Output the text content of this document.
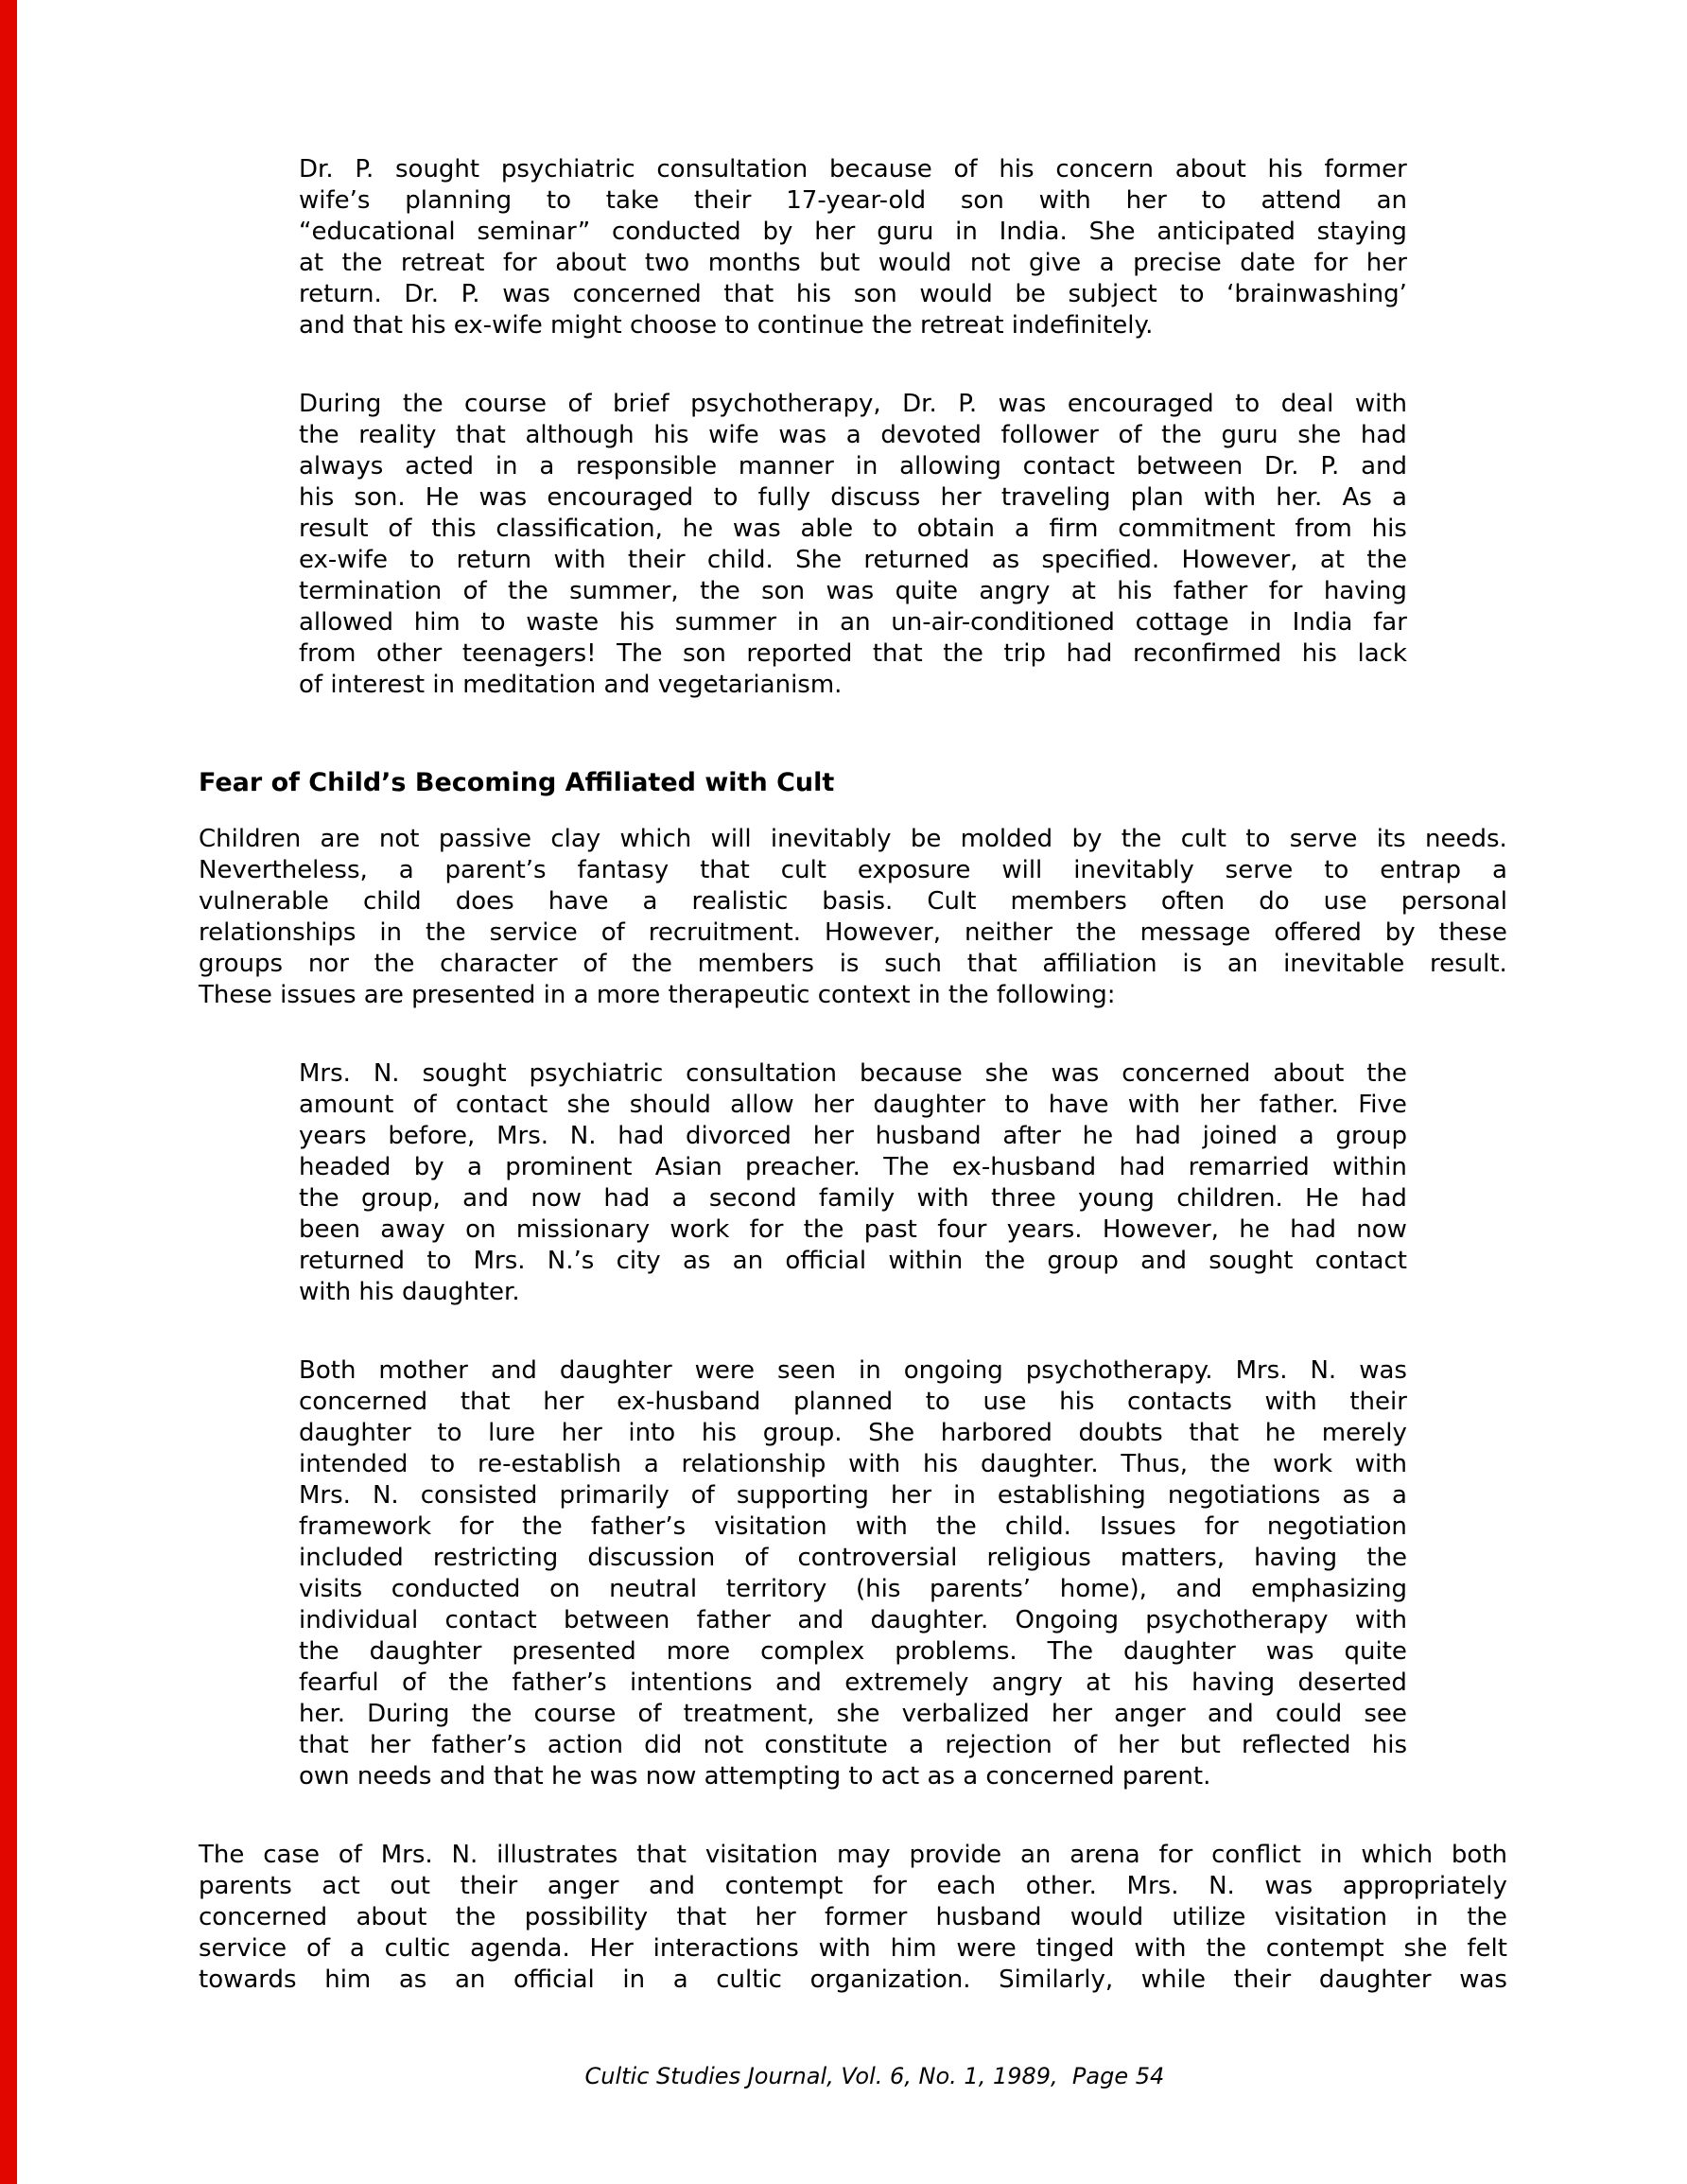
Dr. P. sought psychiatric consultation because of his concern about his former
wife’s planning to take their 17-year-old son with her to attend an
“educational seminar” conducted by her guru in India. She anticipated staying
at the retreat for about two months but would not give a precise date for her
return. Dr. P. was concerned that his son would be subject to ‘brainwashing’
and that his ex-wife might choose to continue the retreat indefinitely.
During the course of brief psychotherapy, Dr. P. was encouraged to deal with
the reality that although his wife was a devoted follower of the guru she had
always acted in a responsible manner in allowing contact between Dr. P. and
his son. He was encouraged to fully discuss her traveling plan with her. As a
result of this classification, he was able to obtain a firm commitment from his
ex-wife to return with their child. She returned as specified. However, at the
termination of the summer, the son was quite angry at his father for having
allowed him to waste his summer in an un-air-conditioned cottage in India far
from other teenagers! The son reported that the trip had reconfirmed his lack
of interest in meditation and vegetarianism.
Fear of Child’s Becoming Affiliated with Cult
Children are not passive clay which will inevitably be molded by the cult to serve its needs.
Nevertheless, a parent’s fantasy that cult exposure will inevitably serve to entrap a
vulnerable child does have a realistic basis. Cult members often do use personal
relationships in the service of recruitment. However, neither the message offered by these
groups nor the character of the members is such that affiliation is an inevitable result.
These issues are presented in a more therapeutic context in the following:
Mrs. N. sought psychiatric consultation because she was concerned about the
amount of contact she should allow her daughter to have with her father. Five
years before, Mrs. N. had divorced her husband after he had joined a group
headed by a prominent Asian preacher. The ex-husband had remarried within
the group, and now had a second family with three young children. He had
been away on missionary work for the past four years. However, he had now
returned to Mrs. N.’s city as an official within the group and sought contact
with his daughter.
Both mother and daughter were seen in ongoing psychotherapy. Mrs. N. was
concerned that her ex-husband planned to use his contacts with their
daughter to lure her into his group. She harbored doubts that he merely
intended to re-establish a relationship with his daughter. Thus, the work with
Mrs. N. consisted primarily of supporting her in establishing negotiations as a
framework for the father’s visitation with the child. Issues for negotiation
included restricting discussion of controversial religious matters, having the
visits conducted on neutral territory (his parents’ home), and emphasizing
individual contact between father and daughter. Ongoing psychotherapy with
the daughter presented more complex problems. The daughter was quite
fearful of the father’s intentions and extremely angry at his having deserted
her. During the course of treatment, she verbalized her anger and could see
that her father’s action did not constitute a rejection of her but reflected his
own needs and that he was now attempting to act as a concerned parent.
The case of Mrs. N. illustrates that visitation may provide an arena for conflict in which both
parents act out their anger and contempt for each other. Mrs. N. was appropriately
concerned about the possibility that her former husband would utilize visitation in the
service of a cultic agenda. Her interactions with him were tinged with the contempt she felt
towards him as an official in a cultic organization. Similarly, while their daughter was

Cultic Studies Journal, Vol. 6, No. 1, 1989,  Page 54
